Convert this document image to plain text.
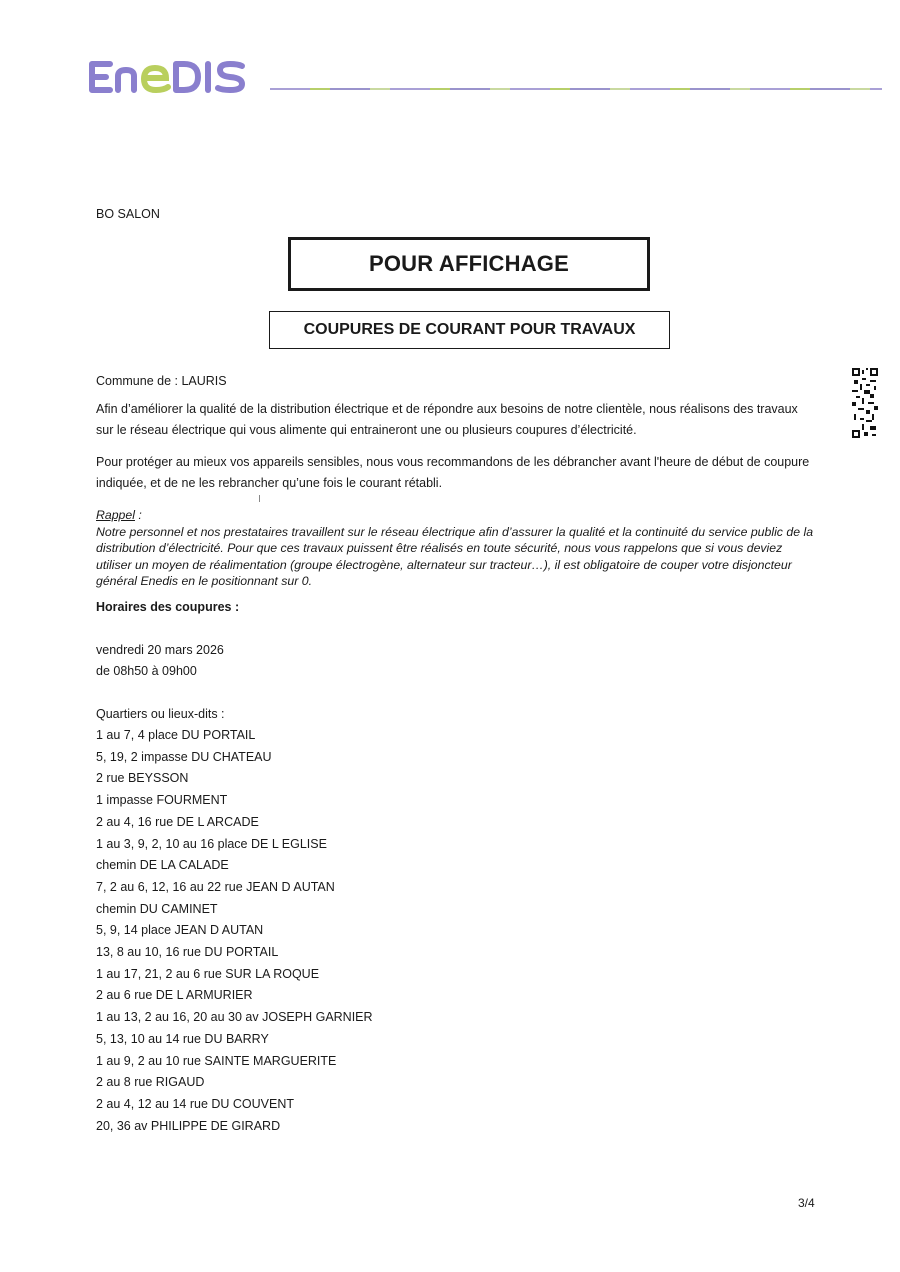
BO SALON
POUR AFFICHAGE
COUPURES DE COURANT POUR TRAVAUX
Commune de : LAURIS
Afin d’améliorer la qualité de la distribution électrique et de répondre aux besoins de notre clientèle, nous réalisons des travaux sur le réseau électrique qui vous alimente qui entraineront une ou plusieurs coupures d’électricité.
Pour protéger au mieux vos appareils sensibles, nous vous recommandons de les débrancher avant l'heure de début de coupure indiquée, et de ne les rebrancher qu’une fois le courant rétabli.
Rappel :
Notre personnel et nos prestataires travaillent sur le réseau électrique afin d’assurer la qualité et la continuité du service public de la distribution d’électricité. Pour que ces travaux puissent être réalisés en toute sécurité, nous vous rappelons que si vous deviez utiliser un moyen de réalimentation (groupe électrogène, alternateur sur tracteur…), il est obligatoire de couper votre disjoncteur général Enedis en le positionnant sur 0.
Horaires des coupures :
vendredi 20 mars 2026
de 08h50 à 09h00
Quartiers ou lieux-dits :
1 au 7, 4 place DU PORTAIL
5, 19, 2 impasse DU CHATEAU
2 rue BEYSSON
1 impasse FOURMENT
2 au 4, 16 rue DE L ARCADE
1 au 3, 9, 2, 10 au 16 place DE L EGLISE
chemin DE LA CALADE
7, 2 au 6, 12, 16 au 22 rue JEAN D AUTAN
chemin DU CAMINET
5, 9, 14 place JEAN D AUTAN
13, 8 au 10, 16 rue DU PORTAIL
1 au 17, 21, 2 au 6 rue SUR LA ROQUE
2 au 6 rue DE L ARMURIER
1 au 13, 2 au 16, 20 au 30 av JOSEPH GARNIER
5, 13, 10 au 14 rue DU BARRY
1 au 9, 2 au 10 rue SAINTE MARGUERITE
2 au 8 rue RIGAUD
2 au 4, 12 au 14 rue DU COUVENT
20, 36 av PHILIPPE DE GIRARD
3/4
